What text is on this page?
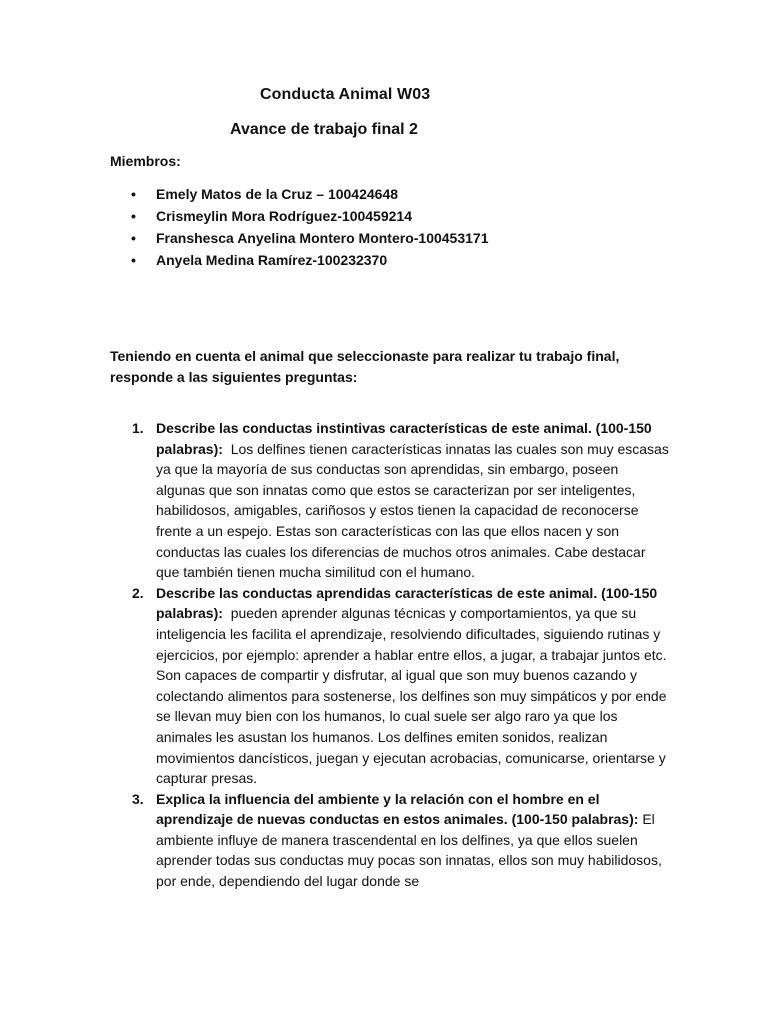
Conducta Animal W03
Avance de trabajo final 2
Miembros:
• Emely Matos de la Cruz – 100424648
• Crismeylin Mora Rodríguez-100459214
• Franshesca Anyelina Montero Montero-100453171
• Anyela Medina Ramírez-100232370
Teniendo en cuenta el animal que seleccionaste para realizar tu trabajo final, responde a las siguientes preguntas:
1. Describe las conductas instintivas características de este animal. (100-150 palabras): Los delfines tienen características innatas las cuales son muy escasas ya que la mayoría de sus conductas son aprendidas, sin embargo, poseen algunas que son innatas como que estos se caracterizan por ser inteligentes, habilidosos, amigables, cariñosos y estos tienen la capacidad de reconocerse frente a un espejo. Estas son características con las que ellos nacen y son conductas las cuales los diferencias de muchos otros animales. Cabe destacar que también tienen mucha similitud con el humano.
2. Describe las conductas aprendidas características de este animal. (100-150 palabras): pueden aprender algunas técnicas y comportamientos, ya que su inteligencia les facilita el aprendizaje, resolviendo dificultades, siguiendo rutinas y ejercicios, por ejemplo: aprender a hablar entre ellos, a jugar, a trabajar juntos etc. Son capaces de compartir y disfrutar, al igual que son muy buenos cazando y colectando alimentos para sostenerse, los delfines son muy simpáticos y por ende se llevan muy bien con los humanos, lo cual suele ser algo raro ya que los animales les asustan los humanos. Los delfines emiten sonidos, realizan movimientos dancísticos, juegan y ejecutan acrobacias, comunicarse, orientarse y capturar presas.
3. Explica la influencia del ambiente y la relación con el hombre en el aprendizaje de nuevas conductas en estos animales. (100-150 palabras): El ambiente influye de manera trascendental en los delfines, ya que ellos suelen aprender todas sus conductas muy pocas son innatas, ellos son muy habilidosos, por ende, dependiendo del lugar donde se
